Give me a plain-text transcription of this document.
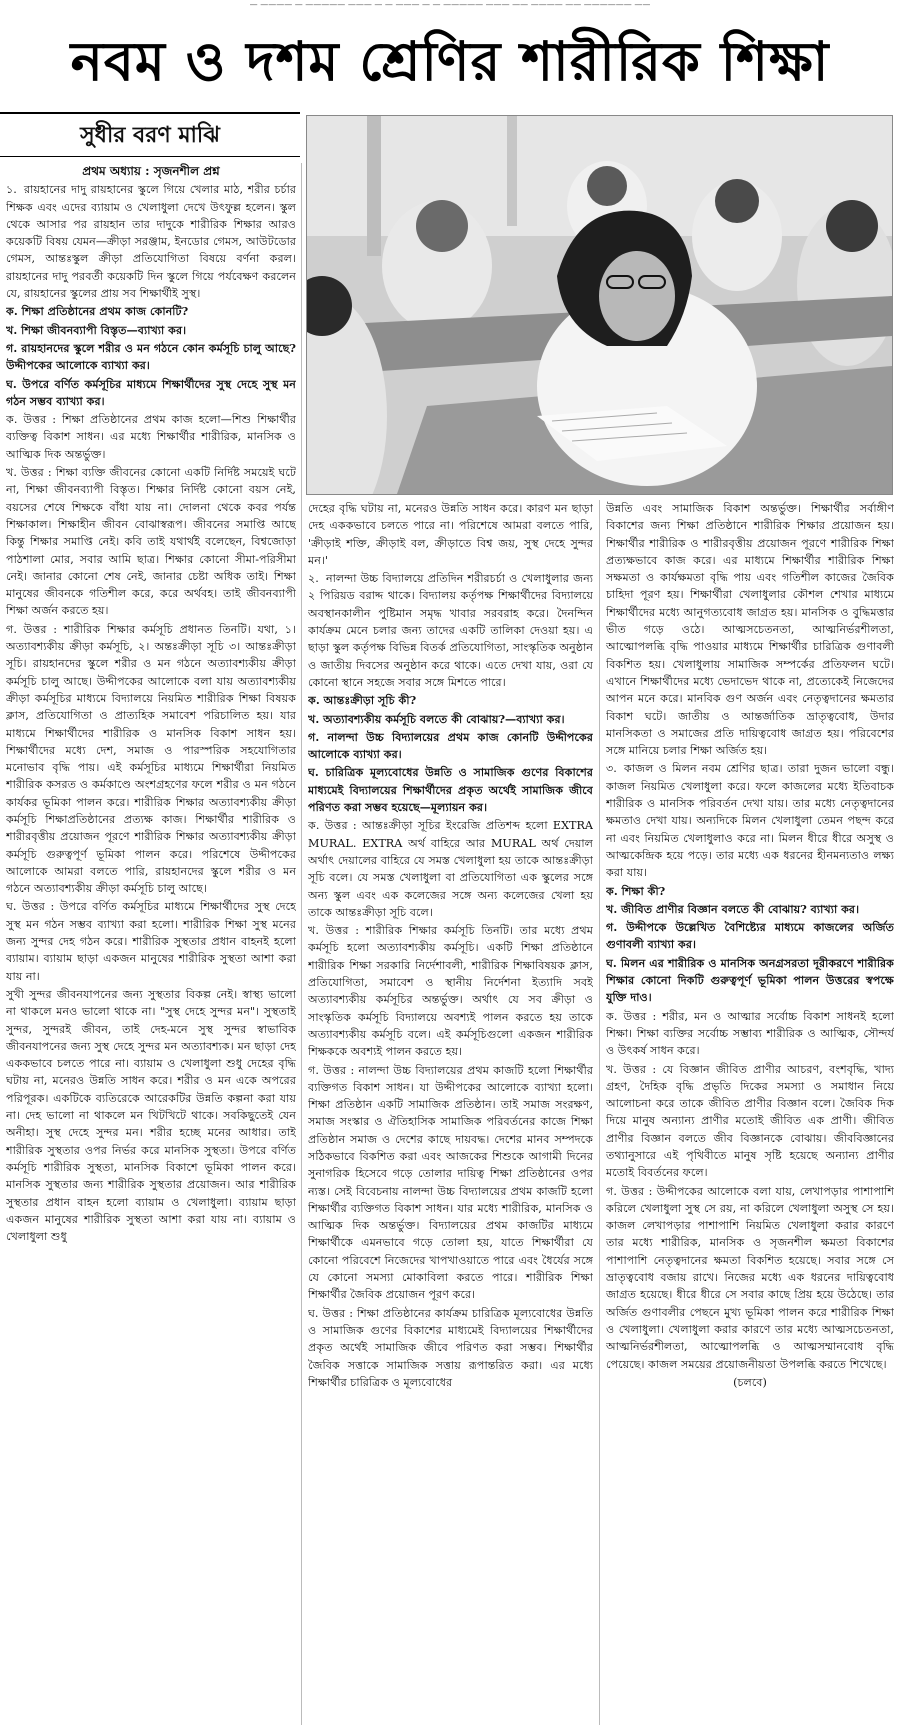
— ———— — ————— ——— — — ——— — — ————— ——— —— ———— —— —————— ——
নবম ও দশম শ্রেণির শারীরিক শিক্ষা
সুধীর বরণ মাঝি

প্রথম অধ্যায় : সৃজনশীল প্রশ্ন

১. রায়হানের দাদু রায়হানের স্কুলে গিয়ে খেলার মাঠ, শরীর চর্চার শিক্ষক এবং এদের ব্যায়াম ও খেলাধুলা দেখে উৎফুল্ল হলেন। স্কুল থেকে আসার পর রায়হান তার দাদুকে শারীরিক শিক্ষার আরও কয়েকটি বিষয় যেমন—ক্রীড়া সরঞ্জাম, ইনডোর গেমস, আউটডোর গেমস, আন্তঃস্কুল ক্রীড়া প্রতিযোগিতা বিষয়ে বর্ণনা করল। রায়হানের দাদু পরবর্তী কয়েকটি দিন স্কুলে গিয়ে পর্যবেক্ষণ করলেন যে, রায়হানের স্কুলের প্রায় সব শিক্ষার্থীই সুস্থ।

ক. শিক্ষা প্রতিষ্ঠানের প্রথম কাজ কোনটি?

খ. শিক্ষা জীবনব্যাপী বিস্তৃত—ব্যাখ্যা কর।

গ. রায়হানদের স্কুলে শরীর ও মন গঠনে কোন কর্মসূচি চালু আছে? উদ্দীপকের আলোকে ব্যাখ্যা কর।

ঘ. উপরে বর্ণিত কর্মসূচির মাধ্যমে শিক্ষার্থীদের সুস্থ দেহে সুস্থ মন গঠন সম্ভব ব্যাখ্যা কর।

ক. উত্তর : শিক্ষা প্রতিষ্ঠানের প্রথম কাজ হলো—শিশু শিক্ষার্থীর ব্যক্তিত্ব বিকাশ সাধন। এর মধ্যে শিক্ষার্থীর শারীরিক, মানসিক ও আত্মিক দিক অন্তর্ভুক্ত।

খ. উত্তর : শিক্ষা ব্যক্তি জীবনের কোনো একটি নির্দিষ্ট সময়েই ঘটে না, শিক্ষা জীবনব্যাপী বিস্তৃত। শিক্ষার নির্দিষ্ট কোনো বয়স নেই, বয়সের শেষে শিক্ষকে বাঁধা যায় না। দোলনা থেকে কবর পর্যন্ত শিক্ষাকাল। শিক্ষাহীন জীবন বোঝাস্বরূপ। জীবনের সমাপ্তি আছে কিন্তু শিক্ষার সমাপ্তি নেই। কবি তাই যথার্থই বলেছেন, বিশ্বজোড়া পাঠশালা মোর, সবার আমি ছাত্র। শিক্ষার কোনো সীমা-পরিসীমা নেই। জানার কোনো শেষ নেই, জানার চেষ্টা অধিক তাই। শিক্ষা মানুষের জীবনকে গতিশীল করে, করে অর্থবহ। তাই জীবনব্যাপী শিক্ষা অর্জন করতে হয়।

গ. উত্তর : শারীরিক শিক্ষার কর্মসূচি প্রধানত তিনটি। যথা, ১। অত্যাবশ্যকীয় ক্রীড়া কর্মসূচি, ২। অন্তঃক্রীড়া সূচি ৩। আন্তঃক্রীড়া সূচি। রায়হানদের স্কুলে শরীর ও মন গঠনে অত্যাবশ্যকীয় ক্রীড়া কর্মসূচি চালু আছে। উদ্দীপকের আলোকে বলা যায় অত্যাবশ্যকীয় ক্রীড়া কর্মসূচির মাধ্যমে বিদ্যালয়ে নিয়মিত শারীরিক শিক্ষা বিষয়ক ক্লাস, প্রতিযোগিতা ও প্রাত্যহিক সমাবেশ পরিচালিত হয়। যার মাধ্যমে শিক্ষার্থীদের শারীরিক ও মানসিক বিকাশ সাধন হয়। শিক্ষার্থীদের মধ্যে দেশ, সমাজ ও পারস্পরিক সহযোগিতার মনোভাব বৃদ্ধি পায়। এই কর্মসূচির মাধ্যমে শিক্ষার্থীরা নিয়মিত শারীরিক কসরত ও কর্মকাণ্ডে অংশগ্রহণের ফলে শরীর ও মন গঠনে কার্যকর ভূমিকা পালন করে। শারীরিক শিক্ষার অত্যাবশ্যকীয় ক্রীড়া কর্মসূচি শিক্ষাপ্রতিষ্ঠানের প্রত্যক্ষ কাজ। শিক্ষার্থীর শারীরিক ও শারীরবৃত্তীয় প্রয়োজন পূরণে শারীরিক শিক্ষার অত্যাবশ্যকীয় ক্রীড়া কর্মসূচি গুরুত্বপূর্ণ ভূমিকা পালন করে। পরিশেষে উদ্দীপকের আলোকে আমরা বলতে পারি, রায়হানদের স্কুলে শরীর ও মন গঠনে অত্যাবশ্যকীয় ক্রীড়া কর্মসূচি চালু আছে।

ঘ. উত্তর : উপরে বর্ণিত কর্মসূচির মাধ্যমে শিক্ষার্থীদের সুস্থ দেহে সুস্থ মন গঠন সম্ভব ব্যাখ্যা করা হলো। শারীরিক শিক্ষা সুস্থ মনের জন্য সুন্দর দেহ গঠন করে। শারীরিক সুস্থতার প্রধান বাহনই হলো ব্যায়াম। ব্যায়াম ছাড়া একজন মানুষের শারীরিক সুস্থতা আশা করা যায় না।

সুখী সুন্দর জীবনযাপনের জন্য সুস্থতার বিকল্প নেই। স্বাস্থ্য ভালো না থাকলে মনও ভালো থাকে না। "সুস্থ দেহে সুন্দর মন"। সুস্থতাই সুন্দর, সুন্দরই জীবন, তাই দেহ-মনে সুস্থ সুন্দর স্বাভাবিক জীবনযাপনের জন্য সুস্থ দেহে সুন্দর মন অত্যাবশ্যক। মন ছাড়া দেহ এককভাবে চলতে পারে না। ব্যায়াম ও খেলাধুলা শুধু দেহের বৃদ্ধি ঘটায় না, মনেরও উন্নতি সাধন করে। শরীর ও মন একে অপরের পরিপূরক। একটিকে ব্যতিরেকে আরেকটির উন্নতি কল্পনা করা যায় না। দেহ ভালো না থাকলে মন খিটখিটে থাকে। সবকিছুতেই যেন অনীহা। সুস্থ দেহে সুন্দর মন। শরীর হচ্ছে মনের আধার। তাই শারীরিক সুস্থতার ওপর নির্ভর করে মানসিক সুস্থতা। উপরে বর্ণিত কর্মসূচি শারীরিক সুস্থতা, মানসিক বিকাশে ভূমিকা পালন করে। মানসিক সুস্থতার জন্য শারীরিক সুস্থতার প্রয়োজন। আর শারীরিক সুস্থতার প্রধান বাহন হলো ব্যায়াম ও খেলাধুলা। ব্যায়াম ছাড়া একজন মানুষের শারীরিক সুস্থতা আশা করা যায় না। ব্যায়াম ও খেলাধুলা শুধু

দেহের বৃদ্ধি ঘটায় না, মনেরও উন্নতি সাধন করে। কারণ মন ছাড়া দেহ এককভাবে চলতে পারে না। পরিশেষে আমরা বলতে পারি, 'ক্রীড়াই শক্তি, ক্রীড়াই বল, ক্রীড়াতে বিশ্ব জয়, সুস্থ দেহে সুন্দর মন।'

২. নালন্দা উচ্চ বিদ্যালয়ে প্রতিদিন শরীরচর্চা ও খেলাধুলার জন্য ২ পিরিয়ড বরাদ্দ থাকে। বিদ্যালয় কর্তৃপক্ষ শিক্ষার্থীদের বিদ্যালয়ে অবস্থানকালীন পুষ্টিমান সমৃদ্ধ খাবার সরবরাহ করে। দৈনন্দিন কার্যক্রম মেনে চলার জন্য তাদের একটি তালিকা দেওয়া হয়। এ ছাড়া স্কুল কর্তৃপক্ষ বিভিন্ন বিতর্ক প্রতিযোগিতা, সাংস্কৃতিক অনুষ্ঠান ও জাতীয় দিবসের অনুষ্ঠান করে থাকে। এতে দেখা যায়, ওরা যে কোনো স্থানে সহজে সবার সঙ্গে মিশতে পারে।

ক. আন্তঃক্রীড়া সূচি কী?

খ. অত্যাবশ্যকীয় কর্মসূচি বলতে কী বোঝায়?—ব্যাখ্যা কর।

গ. নালন্দা উচ্চ বিদ্যালয়ের প্রথম কাজ কোনটি উদ্দীপকের আলোকে ব্যাখ্যা কর।

ঘ. চারিত্রিক মূল্যবোধের উন্নতি ও সামাজিক গুণের বিকাশের মাধ্যমেই বিদ্যালয়ের শিক্ষার্থীদের প্রকৃত অর্থেই সামাজিক জীবে পরিণত করা সম্ভব হয়েছে—মূল্যায়ন কর।

ক. উত্তর : আন্তঃক্রীড়া সূচির ইংরেজি প্রতিশব্দ হলো EXTRA MURAL. EXTRA অর্থ বাহিরে আর MURAL অর্থ দেয়াল অর্থাৎ দেয়ালের বাহিরে যে সমস্ত খেলাধুলা হয় তাকে আন্তঃক্রীড়া সূচি বলে। যে সমস্ত খেলাধুলা বা প্রতিযোগিতা এক স্কুলের সঙ্গে অন্য স্কুল এবং এক কলেজের সঙ্গে অন্য কলেজের খেলা হয় তাকে আন্তঃক্রীড়া সূচি বলে।

খ. উত্তর : শারীরিক শিক্ষার কর্মসূচি তিনটি। তার মধ্যে প্রথম কর্মসূচি হলো অত্যাবশ্যকীয় কর্মসূচি। একটি শিক্ষা প্রতিষ্ঠানে শারীরিক শিক্ষা সরকারি নির্দেশাবলী, শারীরিক শিক্ষাবিষয়ক ক্লাস, প্রতিযোগিতা, সমাবেশ ও স্থানীয় নির্দেশনা ইত্যাদি সবই অত্যাবশ্যকীয় কর্মসূচির অন্তর্ভুক্ত। অর্থাৎ যে সব ক্রীড়া ও সাংস্কৃতিক কর্মসূচি বিদ্যালয়ে অবশ্যই পালন করতে হয় তাকে অত্যাবশ্যকীয় কর্মসূচি বলে। এই কর্মসূচিগুলো একজন শারীরিক শিক্ষককে অবশ্যই পালন করতে হয়।

গ. উত্তর : নালন্দা উচ্চ বিদ্যালয়ের প্রথম কাজটি হলো শিক্ষার্থীর ব্যক্তিগত বিকাশ সাধন। যা উদ্দীপকের আলোকে ব্যাখ্যা হলো। শিক্ষা প্রতিষ্ঠান একটি সামাজিক প্রতিষ্ঠান। তাই সমাজ সংরক্ষণ, সমাজ সংস্কার ও ঐতিহাসিক সামাজিক পরিবর্তনের কাজে শিক্ষা প্রতিষ্ঠান সমাজ ও দেশের কাছে দায়বদ্ধ। দেশের মানব সম্পদকে সঠিকভাবে বিকশিত করা এবং আজকের শিশুকে আগামী দিনের সুনাগরিক হিসেবে গড়ে তোলার দায়িত্ব শিক্ষা প্রতিষ্ঠানের ওপর ন্যস্ত। সেই বিবেচনায় নালন্দা উচ্চ বিদ্যালয়ের প্রথম কাজটি হলো শিক্ষার্থীর ব্যক্তিগত বিকাশ সাধন। যার মধ্যে শারীরিক, মানসিক ও আত্মিক দিক অন্তর্ভুক্ত। বিদ্যালয়ের প্রথম কাজটির মাধ্যমে শিক্ষার্থীকে এমনভাবে গড়ে তোলা হয়, যাতে শিক্ষার্থীরা যে কোনো পরিবেশে নিজেদের খাপখাওয়াতে পারে এবং ধৈর্যের সঙ্গে যে কোনো সমস্যা মোকাবিলা করতে পারে। শারীরিক শিক্ষা শিক্ষার্থীর জৈবিক প্রয়োজন পূরণ করে।

ঘ. উত্তর : শিক্ষা প্রতিষ্ঠানের কার্যক্রম চারিত্রিক মূল্যবোধের উন্নতি ও সামাজিক গুণের বিকাশের মাধ্যমেই বিদ্যালয়ের শিক্ষার্থীদের প্রকৃত অর্থেই সামাজিক জীবে পরিণত করা সম্ভব। শিক্ষার্থীর জৈবিক সত্তাকে সামাজিক সত্তায় রূপান্তরিত করা। এর মধ্যে শিক্ষার্থীর চারিত্রিক ও মূল্যবোধের

উন্নতি এবং সামাজিক বিকাশ অন্তর্ভুক্ত। শিক্ষার্থীর সর্বাঙ্গীণ বিকাশের জন্য শিক্ষা প্রতিষ্ঠানে শারীরিক শিক্ষার প্রয়োজন হয়। শিক্ষার্থীর শারীরিক ও শারীরবৃত্তীয় প্রয়োজন পূরণে শারীরিক শিক্ষা প্রত্যক্ষভাবে কাজ করে। এর মাধ্যমে শিক্ষার্থীর শারীরিক শিক্ষা সক্ষমতা ও কার্যক্ষমতা বৃদ্ধি পায় এবং গতিশীল কাজের জৈবিক চাহিদা পূরণ হয়। শিক্ষার্থীরা খেলাধুলার কৌশল শেখার মাধ্যমে শিক্ষার্থীদের মধ্যে আনুগত্যবোধ জাগ্রত হয়। মানসিক ও বুদ্ধিমত্তার ভীত গড়ে ওঠে। আত্মসচেতনতা, আত্মনির্ভরশীলতা, আত্মোপলব্ধি বৃদ্ধি পাওয়ার মাধ্যমে শিক্ষার্থীর চারিত্রিক গুণাবলী বিকশিত হয়। খেলাধুলায় সামাজিক সম্পর্কের প্রতিফলন ঘটে। এখানে শিক্ষার্থীদের মধ্যে ভেদাভেদ থাকে না, প্রত্যেকেই নিজেদের আপন মনে করে। মানবিক গুণ অর্জন এবং নেতৃত্বদানের ক্ষমতার বিকাশ ঘটে। জাতীয় ও আন্তর্জাতিক ভ্রাতৃত্ববোধ, উদার মানসিকতা ও সমাজের প্রতি দায়িত্ববোধ জাগ্রত হয়। পরিবেশের সঙ্গে মানিয়ে চলার শিক্ষা অর্জিত হয়।

৩. কাজল ও মিলন নবম শ্রেণির ছাত্র। তারা দুজন ভালো বন্ধু। কাজল নিয়মিত খেলাধুলা করে। ফলে কাজলের মধ্যে ইতিবাচক শারীরিক ও মানসিক পরিবর্তন দেখা যায়। তার মধ্যে নেতৃত্বদানের ক্ষমতাও দেখা যায়। অন্যদিকে মিলন খেলাধুলা তেমন পছন্দ করে না এবং নিয়মিত খেলাধুলাও করে না। মিলন ধীরে ধীরে অসুস্থ ও আত্মকেন্দ্রিক হয়ে পড়ে। তার মধ্যে এক ধরনের হীনমন্যতাও লক্ষ্য করা যায়।

ক. শিক্ষা কী?

খ. জীবিত প্রাণীর বিজ্ঞান বলতে কী বোঝায়? ব্যাখ্যা কর।

গ. উদ্দীপকে উল্লেখিত বৈশিষ্ট্যের মাধ্যমে কাজলের অর্জিত গুণাবলী ব্যাখ্যা কর।

ঘ. মিলন এর শারীরিক ও মানসিক অনগ্রসরতা দূরীকরণে শারীরিক শিক্ষার কোনো দিকটি গুরুত্বপূর্ণ ভূমিকা পালন উত্তরের স্বপক্ষে যুক্তি দাও।

ক. উত্তর : শরীর, মন ও আত্মার সর্বোচ্চ বিকাশ সাধনই হলো শিক্ষা। শিক্ষা ব্যক্তির সর্বোচ্চ সম্ভাব্য শারীরিক ও আত্মিক, সৌন্দর্য ও উৎকর্ষ সাধন করে।

খ. উত্তর : যে বিজ্ঞান জীবিত প্রাণীর আচরণ, বংশবৃদ্ধি, খাদ্য গ্রহণ, দৈহিক বৃদ্ধি প্রভৃতি দিকের সমস্যা ও সমাধান নিয়ে আলোচনা করে তাকে জীবিত প্রাণীর বিজ্ঞান বলে। জৈবিক দিক দিয়ে মানুষ অন্যান্য প্রাণীর মতোই জীবিত এক প্রাণী। জীবিত প্রাণীর বিজ্ঞান বলতে জীব বিজ্ঞানকে বোঝায়। জীববিজ্ঞানের তথ্যানুসারে এই পৃথিবীতে মানুষ সৃষ্টি হয়েছে অন্যান্য প্রাণীর মতোই বিবর্তনের ফলে।

গ. উত্তর : উদ্দীপকের আলোকে বলা যায়, লেখাপড়ার পাশাপাশি করিলে খেলাধুলা সুস্থ সে রয়, না করিলে খেলাধুলা অসুস্থ সে হয়। কাজল লেখাপড়ার পাশাপাশি নিয়মিত খেলাধুলা করার কারণে তার মধ্যে শারীরিক, মানসিক ও সৃজনশীল ক্ষমতা বিকাশের পাশাপাশি নেতৃত্বদানের ক্ষমতা বিকশিত হয়েছে। সবার সঙ্গে সে ভ্রাতৃত্ববোধ বজায় রাখে। নিজের মধ্যে এক ধরনের দায়িত্ববোধ জাগ্রত হয়েছে। ধীরে ধীরে সে সবার কাছে প্রিয় হয়ে উঠেছে। তার অর্জিত গুণাবলীর পেছনে মুখ্য ভূমিকা পালন করে শারীরিক শিক্ষা ও খেলাধুলা। খেলাধুলা করার কারণে তার মধ্যে আত্মসচেতনতা, আত্মনির্ভরশীলতা, আত্মোপলব্ধি ও আত্মসম্মানবোধ বৃদ্ধি পেয়েছে। কাজল সময়ের প্রয়োজনীয়তা উপলব্ধি করতে শিখেছে।

(চলবে)
